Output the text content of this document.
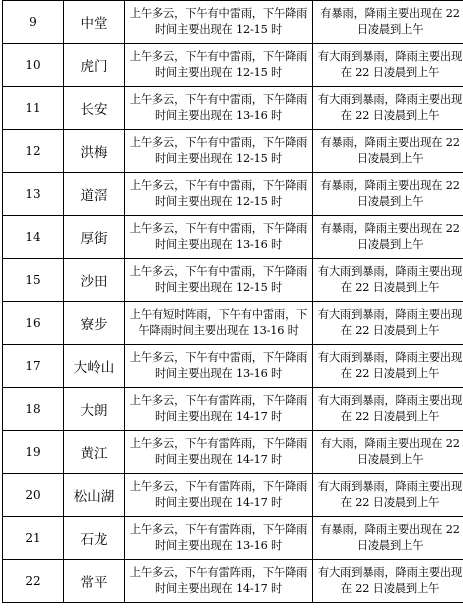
9	中堂	上午多云，下午有中雷雨，下午降雨时间主要出现在 12-15 时	有暴雨，降雨主要出现在 22 日凌晨到上午
10	虎门	上午多云，下午有中雷雨，下午降雨时间主要出现在 12-15 时	有大雨到暴雨，降雨主要出现在 22 日凌晨到上午
11	长安	上午多云，下午有中雷雨，下午降雨时间主要出现在 13-16 时	有大雨到暴雨，降雨主要出现在 22 日凌晨到上午
12	洪梅	上午多云，下午有中雷雨，下午降雨时间主要出现在 12-15 时	有暴雨，降雨主要出现在 22 日凌晨到上午
13	道滘	上午多云，下午有中雷雨，下午降雨时间主要出现在 12-15 时	有暴雨，降雨主要出现在 22 日凌晨到上午
14	厚街	上午多云，下午有中雷雨，下午降雨时间主要出现在 13-16 时	有暴雨，降雨主要出现在 22 日凌晨到上午
15	沙田	上午多云，下午有中雷雨，下午降雨时间主要出现在 12-15 时	有大雨到暴雨，降雨主要出现在 22 日凌晨到上午
16	寮步	上午有短时阵雨，下午有中雷雨，下午降雨时间主要出现在 13-16 时	有大雨到暴雨，降雨主要出现在 22 日凌晨到上午
17	大岭山	上午多云，下午有中雷雨，下午降雨时间主要出现在 13-16 时	有大雨到暴雨，降雨主要出现在 22 日凌晨到上午
18	大朗	上午多云，下午有雷阵雨，下午降雨时间主要出现在 14-17 时	有大雨到暴雨，降雨主要出现在 22 日凌晨到上午
19	黄江	上午多云，下午有雷阵雨，下午降雨时间主要出现在 14-17 时	有大雨，降雨主要出现在 22 日凌晨到上午
20	松山湖	上午多云，下午有雷阵雨，下午降雨时间主要出现在 14-17 时	有大雨到暴雨，降雨主要出现在 22 日凌晨到上午
21	石龙	上午多云，下午有雷阵雨，下午降雨时间主要出现在 13-16 时	有暴雨，降雨主要出现在 22 日凌晨到上午
22	常平	上午多云，下午有雷阵雨，下午降雨时间主要出现在 14-17 时	有大雨到暴雨，降雨主要出现在 22 日凌晨到上午
